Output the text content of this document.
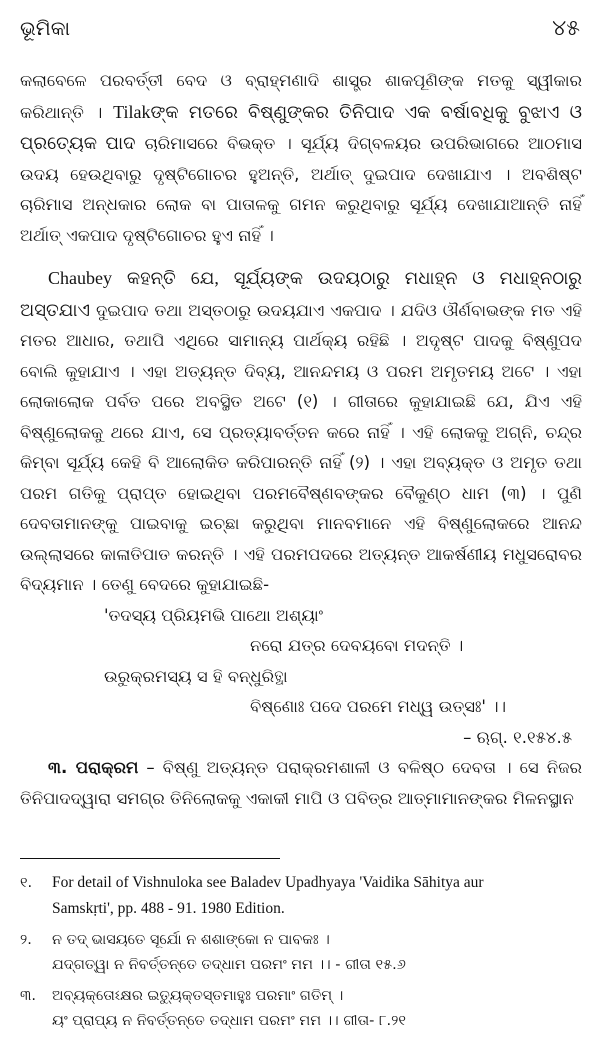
ଭୂମିକା	୪୫

କଲାବେଳେ ପରବର୍ତ୍ତୀ ବେଦ ଓ ବ୍ରାହ୍ମଣାଦି ଶାସ୍ତ୍ର ଶାକପୂଣିଙ୍କ ମତକୁ ସ୍ୱୀକାର କରିଥାନ୍ତି । Tilakଙ୍କ ମତରେ ବିଷ୍ଣୁଙ୍କର ତିନିପାଦ ଏକ ବର୍ଷାବଧିକୁ ବୁଝାଏ ଓ ପ୍ରତ୍ୟେକ ପାଦ ଚାରିମାସରେ ବିଭକ୍ତ । ସୂର୍ଯ୍ୟ ଦିଗ୍‌ବଳୟର ଉପରିଭାଗରେ ଆଠମାସ ଉଦୟ ହେଉଥିବାରୁ ଦୃଷ୍ଟିଗୋଚର ହୁଅନ୍ତି, ଅର୍ଥାତ୍ ଦୁଇପାଦ ଦେଖାଯାଏ । ଅବଶିଷ୍ଟ ଚାରିମାସ ଅନ୍ଧକାର ଲୋକ ବା ପାତାଳକୁ ଗମନ କରୁଥିବାରୁ ସୂର୍ଯ୍ୟ ଦେଖାଯାଆନ୍ତି ନାହିଁ ଅର୍ଥାତ୍ ଏକପାଦ ଦୃଷ୍ଟିଗୋଚର ହୁଏ ନାହିଁ ।

Chaubey କହନ୍ତି ଯେ, ସୂର୍ଯ୍ୟଙ୍କ ଉଦୟଠାରୁ ମଧାହ୍ନ ଓ ମଧାହ୍ନଠାରୁ ଅସ୍ତଯାଏ ଦୁଇପାଦ ତଥା ଅସ୍ତଠାରୁ ଉଦୟଯାଏ ଏକପାଦ । ଯଦିଓ ଔର୍ଣବାଭଙ୍କ ମତ ଏହି ମତର ଆଧାର, ତଥାପି ଏଥିରେ ସାମାନ୍ୟ ପାର୍ଥକ୍ୟ ରହିଛି । ଅଦୃଷ୍ଟ ପାଦକୁ ବିଷ୍ଣୁପଦ ବୋଲି କୁହାଯାଏ । ଏହା ଅତ୍ୟନ୍ତ ଦିବ୍ୟ, ଆନନ୍ଦମୟ ଓ ପରମ ଅମୃତମୟ ଅଟେ । ଏହା ଲୋକାଲୋକ ପର୍ବତ ପରେ ଅବସ୍ଥିତ ଅଟେ (୧) । ଗୀତାରେ କୁହାଯାଇଛି ଯେ, ଯିଏ ଏହି ବିଷ୍ଣୁଲୋକକୁ ଥରେ ଯାଏ, ସେ ପ୍ରତ୍ୟାବର୍ତ୍ତନ କରେ ନାହିଁ । ଏହି ଲୋକକୁ ଅଗ୍ନି, ଚନ୍ଦ୍ର କିମ୍ବା ସୂର୍ଯ୍ୟ କେହି ବି ଆଲୋକିତ କରିପାରନ୍ତି ନାହିଁ (୨) । ଏହା ଅବ୍ୟକ୍ତ ଓ ଅମୃତ ତଥା ପରମ ଗତିକୁ ପ୍ରାପ୍ତ ହୋଇଥିବା ପରମବୈଷ୍ଣବଙ୍କର ବୈକୁଣ୍ଠ ଧାମ (୩) । ପୁଣି ଦେବତାମାନଙ୍କୁ ପାଇବାକୁ ଇଚ୍ଛା କରୁଥିବା ମାନବମାନେ ଏହି ବିଷ୍ଣୁଲୋକରେ ଆନନ୍ଦ ଉଲ୍ଲାସରେ କାଳାତିପାତ କରନ୍ତି । ଏହି ପରମପଦରେ ଅତ୍ୟନ୍ତ ଆକର୍ଷଣୀୟ ମଧୁସରୋବର ବିଦ୍ୟମାନ । ତେଣୁ ବେଦରେ କୁହାଯାଇଛି-

'ତଦସ୍ୟ ପ୍ରିୟମଭି ପାଥୋ ଅଶ୍ୟାଂ

ନରୋ ଯତ୍ର ଦେବୟବୋ ମଦନ୍ତି ।

ଉରୁକ୍ରମସ୍ୟ ସ ହି ବନ୍ଧୁରିତ୍ଥା

ବିଷ୍ଣୋଃ ପଦେ ପରମେ ମଧ୍ୱ ଉତ୍ସଃ' ।।

– ଋଗ୍. ୧.୧୫୪.୫

୩. ପରାକ୍ରମ – ବିଷ୍ଣୁ ଅତ୍ୟନ୍ତ ପରାକ୍ରମଶାଳୀ ଓ ବଳିଷ୍ଠ ଦେବତା । ସେ ନିଜର ତିନିପାଦଦ୍ୱାରା ସମଗ୍ର ତିନିଲୋକକୁ ଏକାକୀ ମାପି ଓ ପବିତ୍ର ଆତ୍ମାମାନଙ୍କର ମିଳନସ୍ଥାନ

୧. For detail of Vishnuloka see Baladev Upadhyaya 'Vaidika Sāhitya aur

Samskṛti', pp. 488 - 91. 1980 Edition.

୨. ନ ତଦ୍ ଭାସୟତେ ସୂର୍ଯୋ ନ ଶଶାଙ୍କୋ ନ ପାବକଃ ।

ଯଦ୍‌ଗତ୍ୱା ନ ନିବର୍ତ୍ତନ୍ତେ ତଦ୍ଧାମ ପରମଂ ମମ ।। - ଗୀତା ୧୫.୬

୩. ଅବ୍ୟକ୍ତୋଽକ୍ଷର ଇତ୍ୟୁକ୍ତସ୍ତମାହୁଃ ପରମାଂ ଗତିମ୍ ।

ୟଂ ପ୍ରାପ୍ୟ ନ ନିବର୍ତ୍ତନ୍ତେ ତଦ୍ଧାମ ପରମଂ ମମ ।। ଗୀତା- ୮.୨୧
